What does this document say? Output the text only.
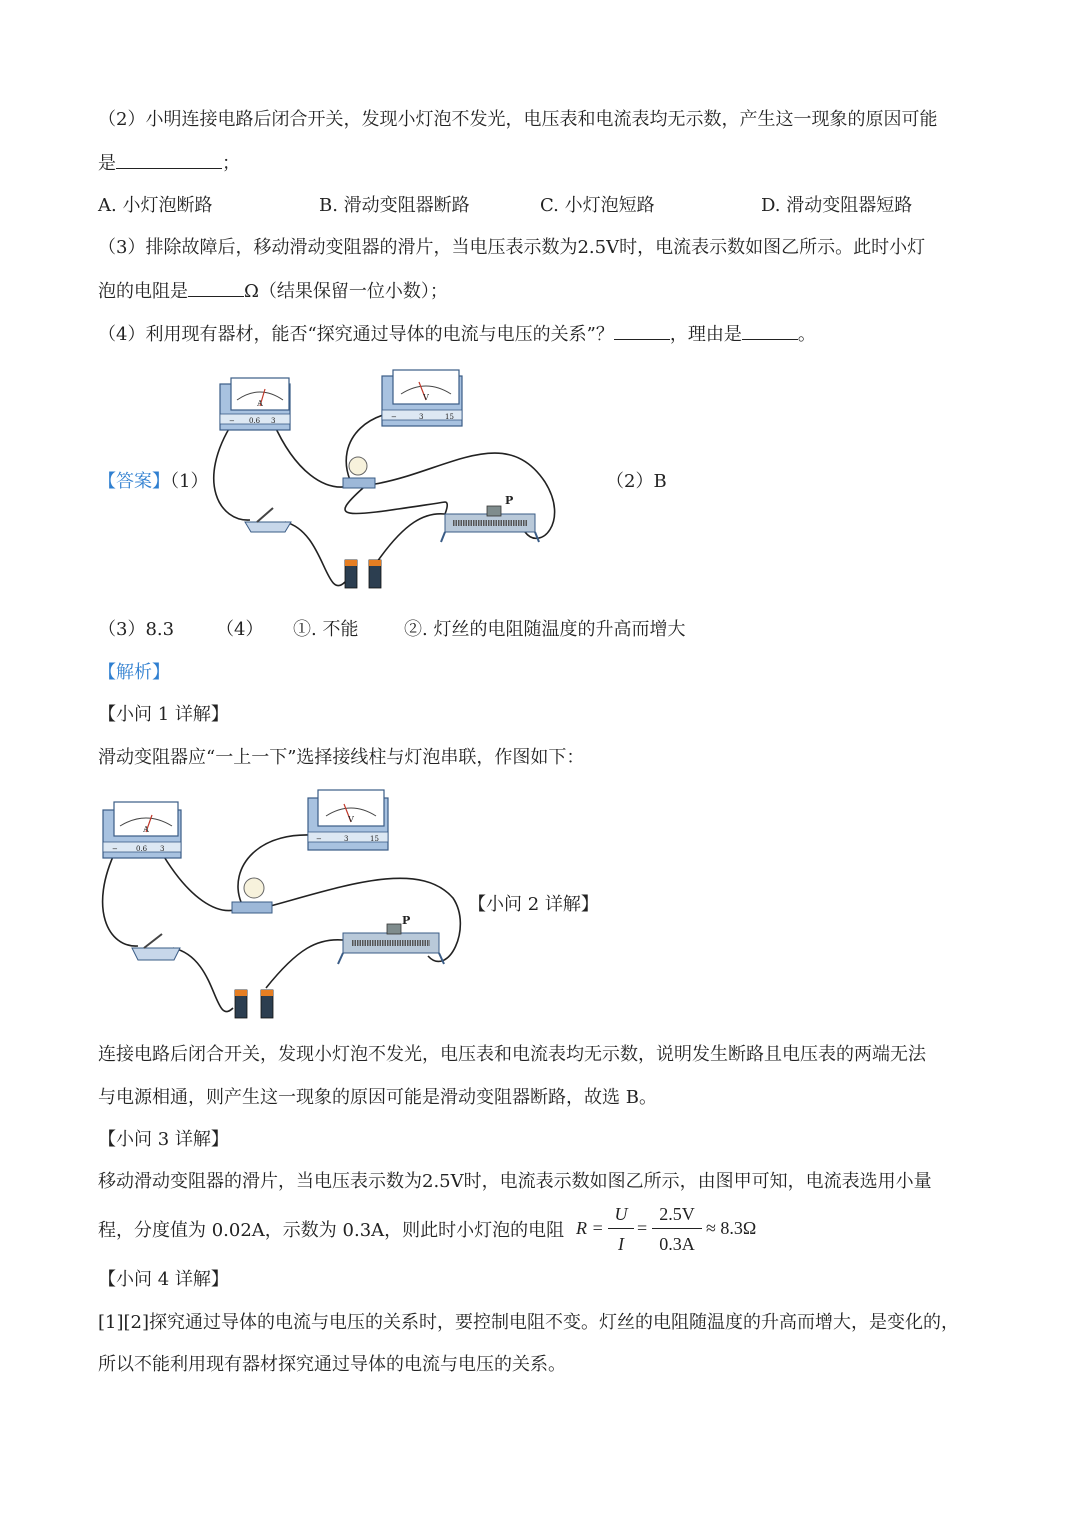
（2）小明连接电路后闭合开关，发现小灯泡不发光，电压表和电流表均无示数，产生这一现象的原因可能
是	；
A. 小灯泡断路	B. 滑动变阻器断路	C. 小灯泡短路	D. 滑动变阻器短路
（3）排除故障后，移动滑动变阻器的滑片，当电压表示数为2.5V时，电流表示数如图乙所示。此时小灯
泡的电阻是	Ω（结果保留一位小数）；
（4）利用现有器材，能否“探究通过导体的电流与电压的关系”？	，理由是	。
【答案】（1）	（2）B
A
− 0.6 3
V
−	3	15
P
（3）8.3 （4） ①. 不能	②. 灯丝的电阻随温度的升高而增大
【解析】
【小问 1 详解】
滑动变阻器应“一上一下”选择接线柱与灯泡串联，作图如下：
A
−	0.6 3
V
−	3	15
P
【小问 2 详解】
连接电路后闭合开关，发现小灯泡不发光，电压表和电流表均无示数，说明发生断路且电压表的两端无法
与电源相通，则产生这一现象的原因可能是滑动变阻器断路，故选 B。
【小问 3 详解】
移动滑动变阻器的滑片，当电压表示数为2.5V时，电流表示数如图乙所示，由图甲可知，电流表选用小量
程，分度值为 0.02A，示数为 0.3A，则此时小灯泡的电阻 R =
U
I
=
2.5V
0.3A
≈ 8.3Ω
【小问 4 详解】
[1][2]探究通过导体的电流与电压的关系时，要控制电阻不变。灯丝的电阻随温度的升高而增大，是变化的，
所以不能利用现有器材探究通过导体的电流与电压的关系。
